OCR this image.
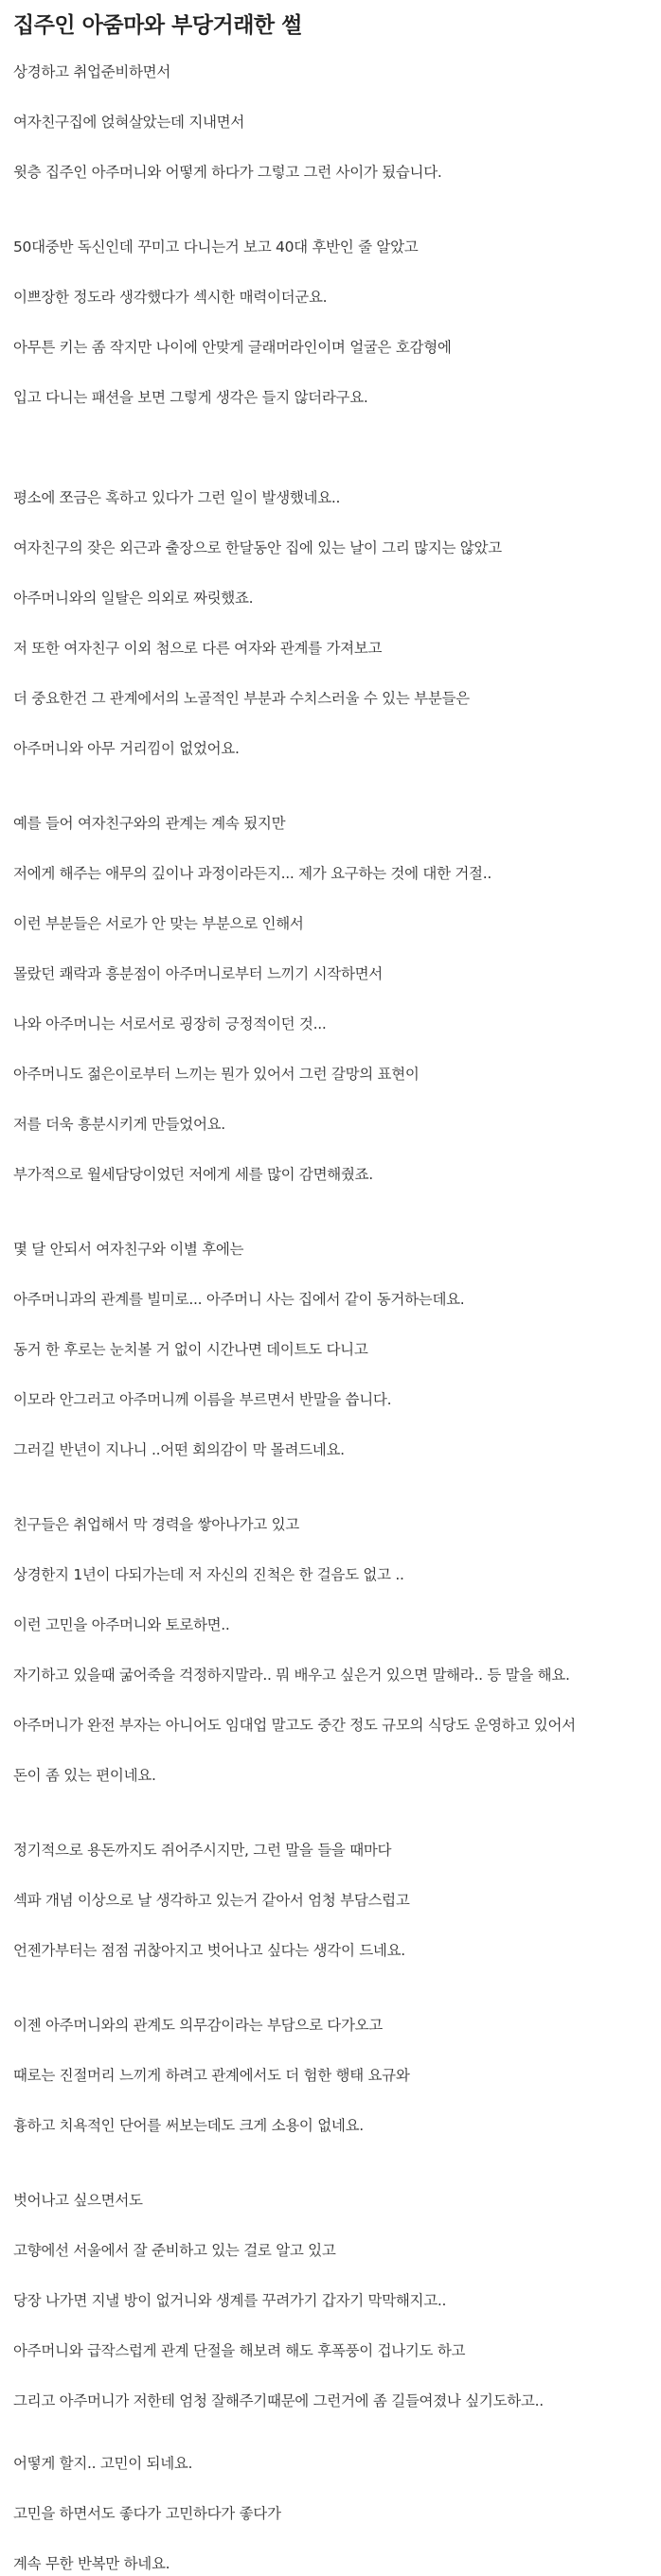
집주인 아줌마와 부당거래한 썰

상경하고 취업준비하면서

여자친구집에 얹혀살았는데 지내면서

윗층 집주인 아주머니와 어떻게 하다가 그렇고 그런 사이가 됬습니다.

50대중반 독신인데 꾸미고 다니는거 보고 40대 후반인 줄 알았고

이쁘장한 정도라 생각했다가 섹시한 매력이더군요.

아무튼 키는 좀 작지만 나이에 안맞게 글래머라인이며 얼굴은 호감형에

입고 다니는 패션을 보면 그렇게 생각은 들지 않더라구요.

평소에 쪼금은 혹하고 있다가 그런 일이 발생했네요..

여자친구의 잦은 외근과 출장으로 한달동안 집에 있는 날이 그리 많지는 않았고

아주머니와의 일탈은 의외로 짜릿했죠.

저 또한 여자친구 이외 첨으로 다른 여자와 관계를 가져보고

더 중요한건 그 관계에서의 노골적인 부분과 수치스러울 수 있는 부분들은

아주머니와 아무 거리낌이 없었어요.

예를 들어 여자친구와의 관계는 계속 됬지만

저에게 해주는 애무의 깊이나 과정이라든지... 제가 요구하는 것에 대한 거절..

이런 부분들은 서로가 안 맞는 부분으로 인해서

몰랐던 쾌락과 흥분점이 아주머니로부터 느끼기 시작하면서

나와 아주머니는 서로서로 굉장히 긍정적이던 것...

아주머니도 젊은이로부터 느끼는 뭔가 있어서 그런 갈망의 표현이

저를 더욱 흥분시키게 만들었어요.

부가적으로 월세담당이었던 저에게 세를 많이 감면해줬죠.

몇 달 안되서 여자친구와 이별 후에는

아주머니과의 관계를 빌미로... 아주머니 사는 집에서 같이 동거하는데요.

동거 한 후로는 눈치볼 거 없이 시간나면 데이트도 다니고

이모라 안그러고 아주머니께 이름을 부르면서 반말을 씁니다.

그러길 반년이 지나니 ..어떤 회의감이 막 몰려드네요.

친구들은 취업해서 막 경력을 쌓아나가고 있고

상경한지 1년이 다되가는데 저 자신의 진척은 한 걸음도 없고 ..

이런 고민을 아주머니와 토로하면..

자기하고 있을때 굶어죽을 걱정하지말라.. 뭐 배우고 싶은거 있으면 말해라.. 등 말을 해요.

아주머니가 완전 부자는 아니어도 임대업 말고도 중간 정도 규모의 식당도 운영하고 있어서

돈이 좀 있는 편이네요.

정기적으로 용돈까지도 쥐어주시지만, 그런 말을 들을 때마다

섹파 개념 이상으로 날 생각하고 있는거 같아서 엄청 부담스럽고

언젠가부터는 점점 귀찮아지고 벗어나고 싶다는 생각이 드네요.

이젠 아주머니와의 관계도 의무감이라는 부담으로 다가오고

때로는 진절머리 느끼게 하려고 관계에서도 더 험한 행태 요규와

흉하고 치욕적인 단어를 써보는데도 크게 소용이 없네요.

벗어나고 싶으면서도

고향에선 서울에서 잘 준비하고 있는 걸로 알고 있고

당장 나가면 지낼 방이 없거니와 생계를 꾸려가기 갑자기 막막해지고..

아주머니와 급작스럽게 관계 단절을 해보려 해도 후폭풍이 겁나기도 하고

그리고 아주머니가 저한테 엄청 잘해주기때문에 그런거에 좀 길들여졌나 싶기도하고..

어떻게 할지.. 고민이 되네요.

고민을 하면서도 좋다가 고민하다가 좋다가

계속 무한 반복만 하네요.
